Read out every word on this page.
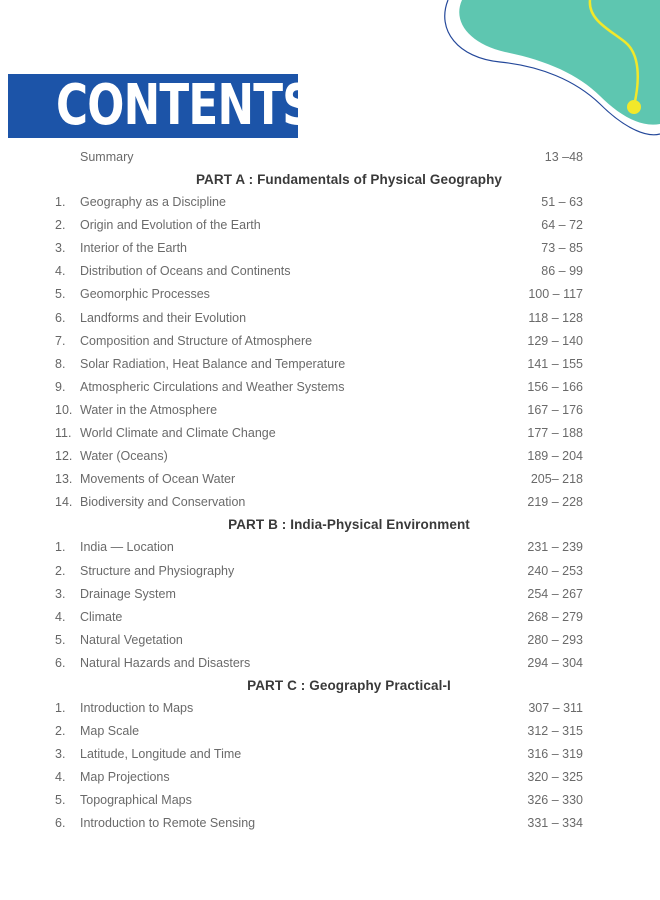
CONTENTS
Summary	13 –48
PART A : Fundamentals of Physical Geography
1. Geography as a Discipline	51 – 63
2. Origin and Evolution of the Earth	64 – 72
3. Interior of the Earth	73 – 85
4. Distribution of Oceans and Continents	86 – 99
5. Geomorphic Processes	100 – 117
6. Landforms and their Evolution	118 – 128
7. Composition and Structure of Atmosphere	129 – 140
8. Solar Radiation, Heat Balance and Temperature	141 – 155
9. Atmospheric Circulations and Weather Systems	156 – 166
10. Water in the Atmosphere	167 – 176
11. World Climate and Climate Change	177 – 188
12. Water (Oceans)	189 – 204
13. Movements of Ocean Water	205– 218
14. Biodiversity and Conservation	219 – 228
PART B : India-Physical Environment
1. India — Location	231 – 239
2. Structure and Physiography	240 – 253
3. Drainage System	254 – 267
4. Climate	268 – 279
5. Natural Vegetation	280 – 293
6. Natural Hazards and Disasters	294 – 304
PART C : Geography Practical-I
1. Introduction to Maps	307 – 311
2. Map Scale	312 – 315
3. Latitude, Longitude and Time	316 – 319
4. Map Projections	320 – 325
5. Topographical Maps	326 – 330
6. Introduction to Remote Sensing	331 – 334
